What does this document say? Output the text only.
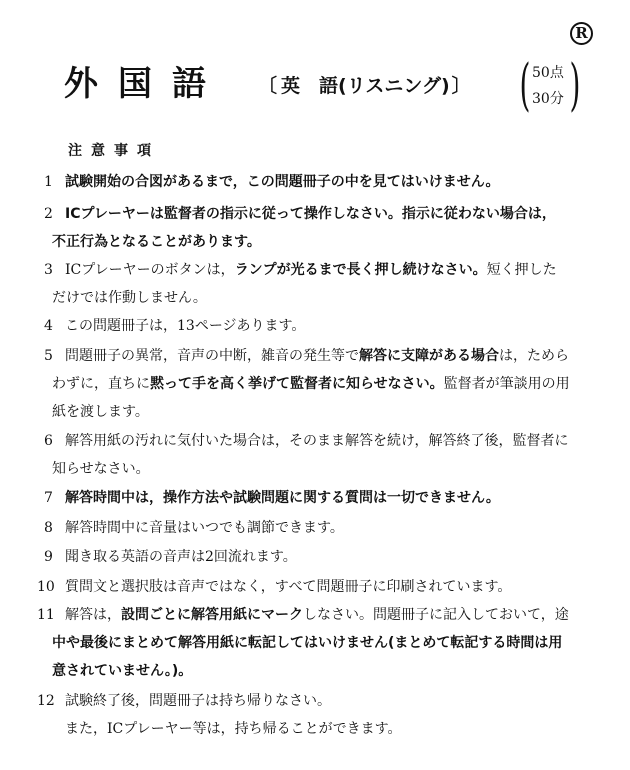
R
外国語 〔 英　語(リスニング) 〕 ( 50点
30分 )
注意事項
1 試験開始の合図があるまで，この問題冊子の中を見てはいけません。
2 ICプレーヤーは監督者の指示に従って操作しなさい。指示に従わない場合は，
不正行為となることがあります。
3 ICプレーヤーのボタンは，ランプが光るまで長く押し続けなさい。短く押した
だけでは作動しません。
4 この問題冊子は，13ページあります。
5 問題冊子の異常，音声の中断，雑音の発生等で解答に支障がある場合は，ためら
わずに，直ちに黙って手を高く挙げて監督者に知らせなさい。監督者が筆談用の用
紙を渡します。
6 解答用紙の汚れに気付いた場合は，そのまま解答を続け，解答終了後，監督者に
知らせなさい。
7 解答時間中は，操作方法や試験問題に関する質問は一切できません。
8 解答時間中に音量はいつでも調節できます。
9 聞き取る英語の音声は2回流れます。
10 質問文と選択肢は音声ではなく，すべて問題冊子に印刷されています。
11 解答は，設問ごとに解答用紙にマークしなさい。問題冊子に記入しておいて，途
中や最後にまとめて解答用紙に転記してはいけません(まとめて転記する時間は用
意されていません。)。
12 試験終了後，問題冊子は持ち帰りなさい。
また，ICプレーヤー等は，持ち帰ることができます。
